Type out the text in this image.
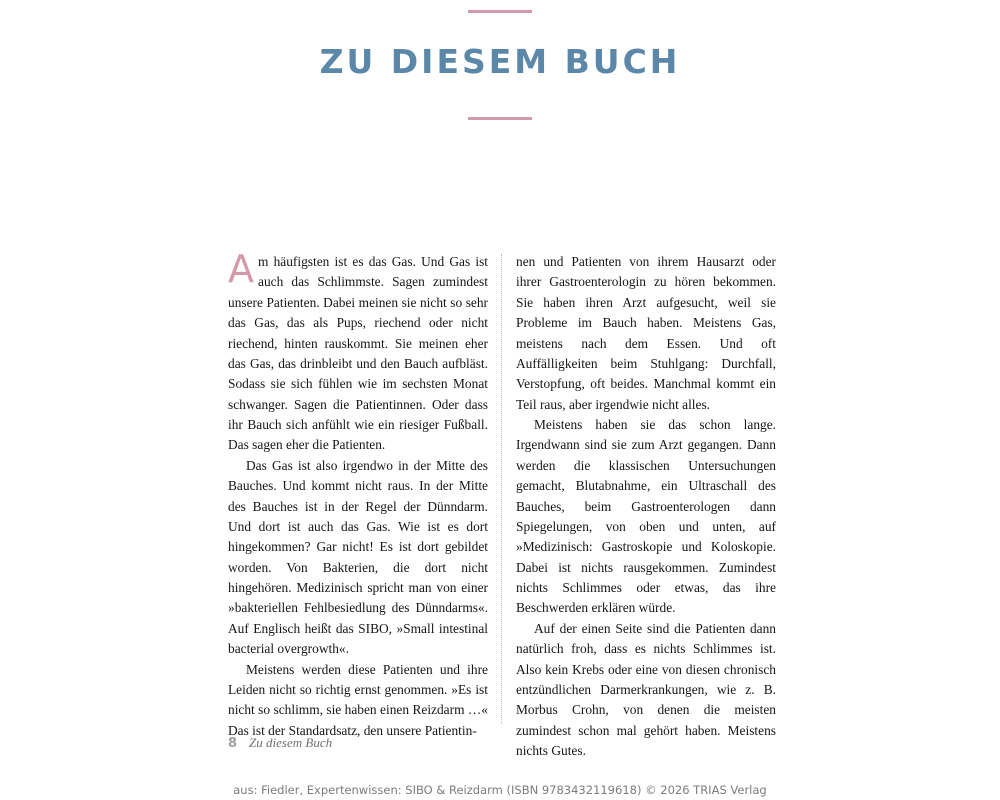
ZU DIESEM BUCH

Am häufigsten ist es das Gas. Und Gas ist auch das Schlimmste. Sagen zumindest unsere Patienten. Dabei meinen sie nicht so sehr das Gas, das als Pups, riechend oder nicht riechend, hinten rauskommt. Sie meinen eher das Gas, das drinbleibt und den Bauch aufbläst. Sodass sie sich fühlen wie im sechsten Monat schwanger. Sagen die Patientinnen. Oder dass ihr Bauch sich anfühlt wie ein riesiger Fußball. Das sagen eher die Patienten.

Das Gas ist also irgendwo in der Mitte des Bauches. Und kommt nicht raus. In der Mitte des Bauches ist in der Regel der Dünndarm. Und dort ist auch das Gas. Wie ist es dort hingekommen? Gar nicht! Es ist dort gebildet worden. Von Bakterien, die dort nicht hingehören. Medizinisch spricht man von einer »bakteriellen Fehlbesiedlung des Dünndarms«. Auf Englisch heißt das SIBO, »Small intestinal bacterial overgrowth«.

Meistens werden diese Patienten und ihre Leiden nicht so richtig ernst genommen. »Es ist nicht so schlimm, sie haben einen Reizdarm …« Das ist der Standardsatz, den unsere Patientin-

nen und Patienten von ihrem Hausarzt oder ihrer Gastroenterologin zu hören bekommen. Sie haben ihren Arzt aufgesucht, weil sie Probleme im Bauch haben. Meistens Gas, meistens nach dem Essen. Und oft Auffälligkeiten beim Stuhlgang: Durchfall, Verstopfung, oft beides. Manchmal kommt ein Teil raus, aber irgendwie nicht alles.

Meistens haben sie das schon lange. Irgendwann sind sie zum Arzt gegangen. Dann werden die klassischen Untersuchungen gemacht, Blutabnahme, ein Ultraschall des Bauches, beim Gastroenterologen dann Spiegelungen, von oben und unten, auf »Medizinisch: Gastroskopie und Koloskopie. Dabei ist nichts rausgekommen. Zumindest nichts Schlimmes oder etwas, das ihre Beschwerden erklären würde.

Auf der einen Seite sind die Patienten dann natürlich froh, dass es nichts Schlimmes ist. Also kein Krebs oder eine von diesen chronisch entzündlichen Darmerkrankungen, wie z. B. Morbus Crohn, von denen die meisten zumindest schon mal gehört haben. Meistens nichts Gutes.

8 Zu diesem Buch
aus: Fiedler, Expertenwissen: SIBO & Reizdarm (ISBN 9783432119618) © 2026 TRIAS Verlag
